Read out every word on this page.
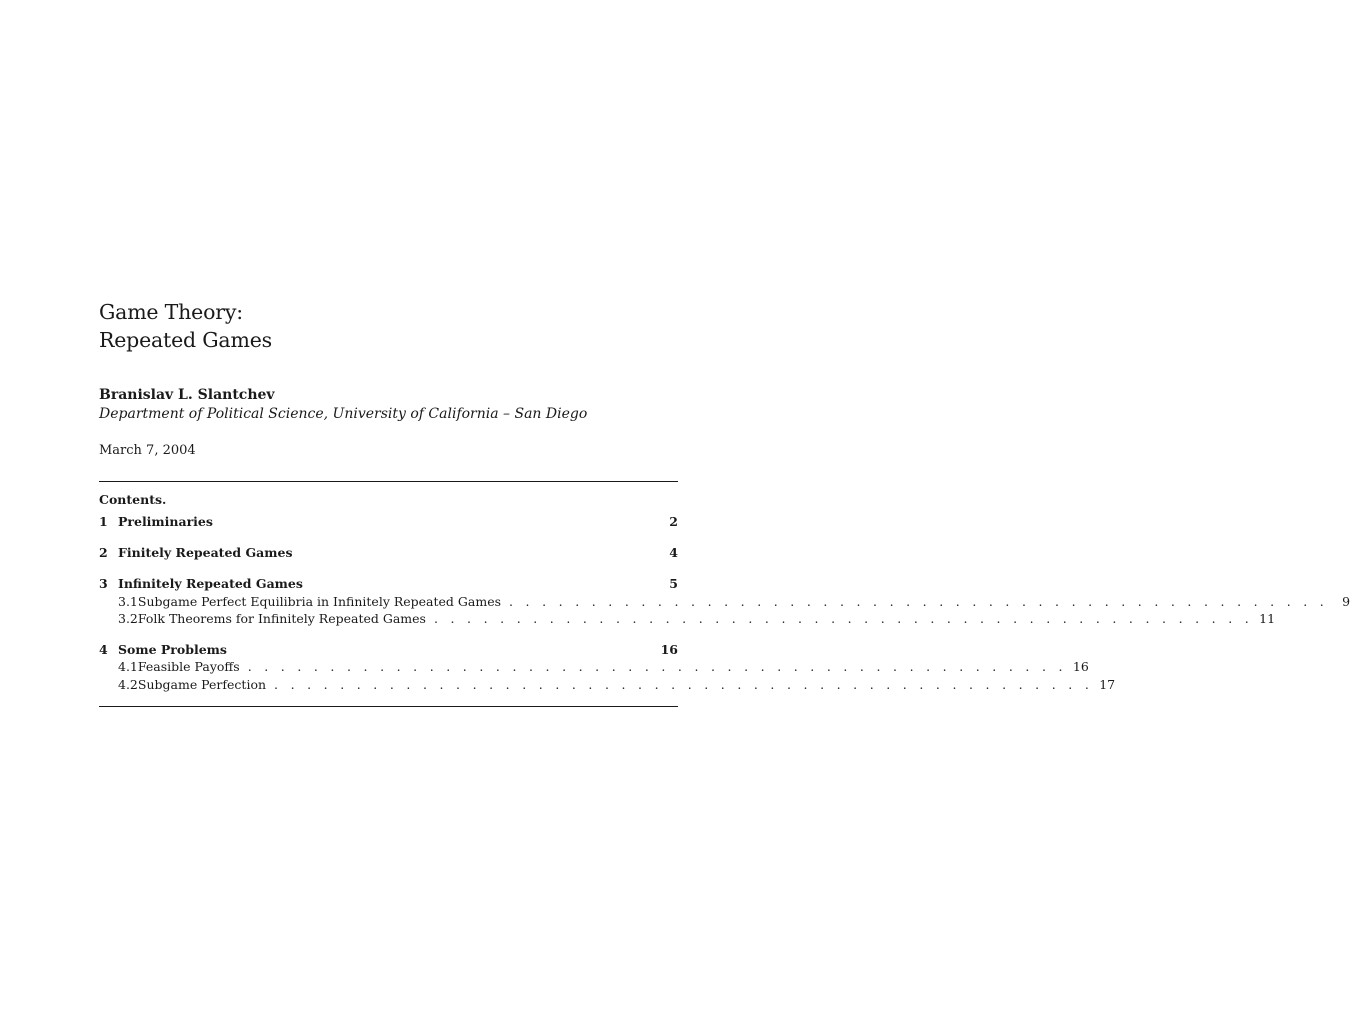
Game Theory:
Repeated Games
Branislav L. Slantchev
Department of Political Science, University of California – San Diego
March 7, 2004
Contents.
1 Preliminaries	2
2 Finitely Repeated Games	4
3 Infinitely Repeated Games	5
3.1 Subgame Perfect Equilibria in Infinitely Repeated Games . . . . . . . . . . . . . . . . . . . . . . . . . . . . . . . . . . . . . . . . . . . . . . . . . .	9
3.2 Folk Theorems for Infinitely Repeated Games . . . . . . . . . . . . . . . . . . . . . . . . . . . . . . . . . . . . . . . . . . . . . . . . . . 11
4 Some Problems	16
4.1 Feasible Payoffs . . . . . . . . . . . . . . . . . . . . . . . . . . . . . . . . . . . . . . . . . . . . . . . . . . 16
4.2 Subgame Perfection . . . . . . . . . . . . . . . . . . . . . . . . . . . . . . . . . . . . . . . . . . . . . . . . . . 17
